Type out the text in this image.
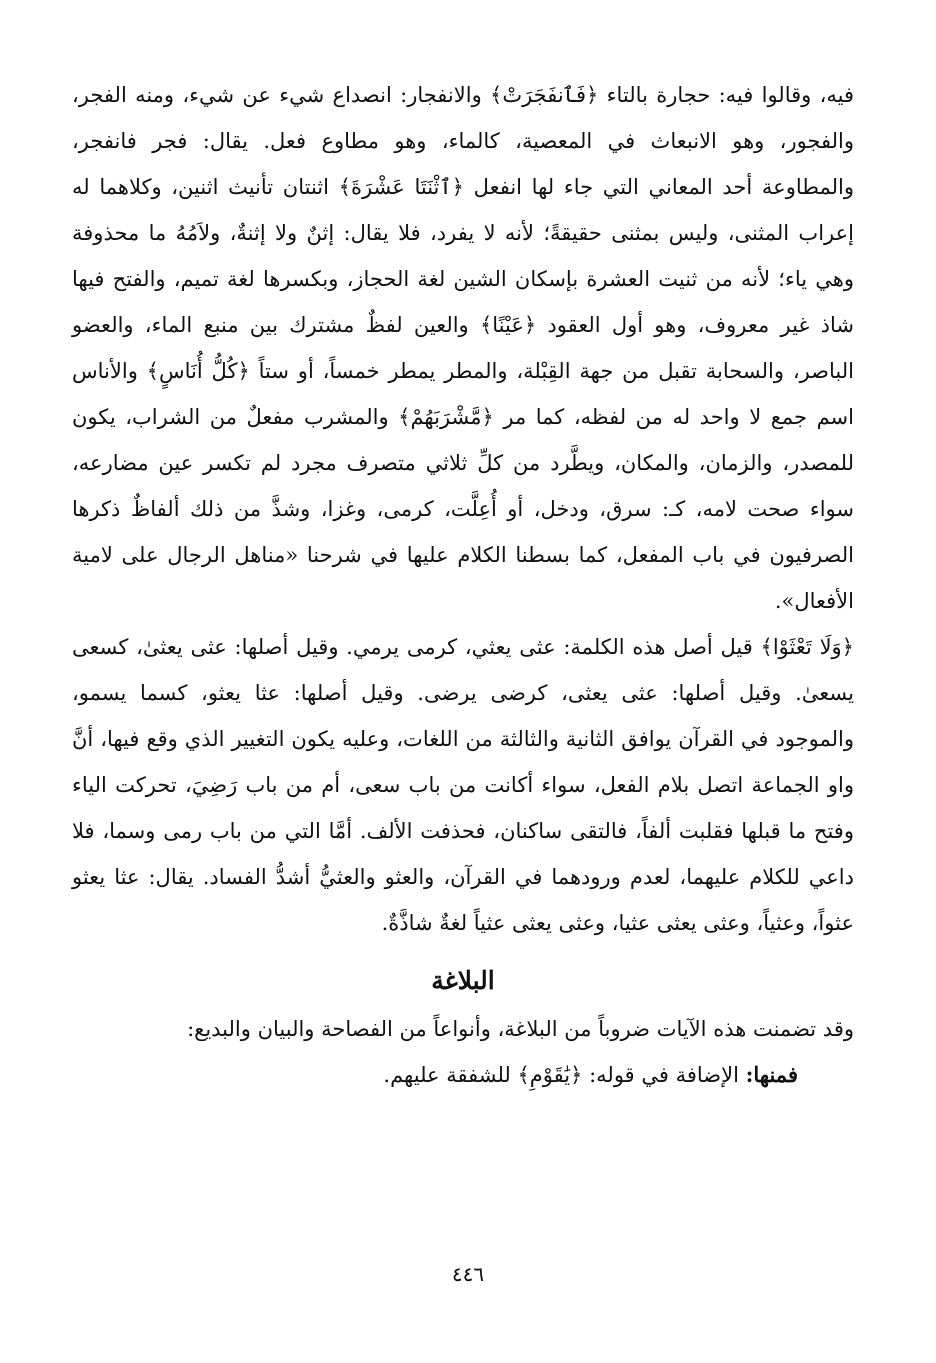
فيه، وقالوا فيه: حجارة بالتاء ﴿فَٱنفَجَرَتْ﴾ والانفجار: انصداع شيء عن شيء، ومنه الفجر، والفجور، وهو الانبعاث في المعصية، كالماء، وهو مطاوع فعل. يقال: فجر فانفجر، والمطاوعة أحد المعاني التي جاء لها انفعل ﴿ٱثْنَتَا عَشْرَةَ﴾ اثنتان تأنيث اثنين، وكلاهما له إعراب المثنى، وليس بمثنى حقيقةً؛ لأنه لا يفرد، فلا يقال: إثنٌ ولا إثنةٌ، ولاَمُهُ ما محذوفة وهي ياء؛ لأنه من ثنيت العشرة بإسكان الشين لغة الحجاز، وبكسرها لغة تميم، والفتح فيها شاذ غير معروف، وهو أول العقود ﴿عَيْنًا﴾ والعين لفظٌ مشترك بين منبع الماء، والعضو الباصر، والسحابة تقبل من جهة القِبْلة، والمطر يمطر خمساً، أو ستاً ﴿كُلُّ أُنَاسٍ﴾ والأناس اسم جمع لا واحد له من لفظه، كما مر ﴿مَّشْرَبَهُمْ﴾ والمشرب مفعلٌ من الشراب، يكون للمصدر، والزمان، والمكان، ويطَّرد من كلِّ ثلاثي متصرف مجرد لم تكسر عين مضارعه، سواء صحت لامه، كـ: سرق، ودخل، أو أُعِلَّت، كرمى، وغزا، وشذَّ من ذلك ألفاظٌ ذكرها الصرفيون في باب المفعل، كما بسطنا الكلام عليها في شرحنا «مناهل الرجال على لامية الأفعال».

﴿وَلَا تَعْثَوْا﴾ قيل أصل هذه الكلمة: عثى يعثي، كرمى يرمي. وقيل أصلها: عثى يعثىٰ، كسعى يسعىٰ. وقيل أصلها: عثى يعثى، كرضى يرضى. وقيل أصلها: عثا يعثو، كسما يسمو، والموجود في القرآن يوافق الثانية والثالثة من اللغات، وعليه يكون التغيير الذي وقع فيها، أنَّ واو الجماعة اتصل بلام الفعل، سواء أكانت من باب سعى، أم من باب رَضِيَ، تحركت الياء وفتح ما قبلها فقلبت ألفاً، فالتقى ساكنان، فحذفت الألف. أمَّا التي من باب رمى وسما، فلا داعي للكلام عليهما، لعدم ورودهما في القرآن، والعثو والعثيُّ أشدُّ الفساد. يقال: عثا يعثو عثواً، وعثياً، وعثى يعثى عثيا، وعثى يعثى عثياً لغةٌ شاذَّةٌ.

البلاغة

وقد تضمنت هذه الآيات ضروباً من البلاغة، وأنواعاً من الفصاحة والبيان والبديع:

فمنها: الإضافة في قوله: ﴿يَٰقَوْمِ﴾ للشفقة عليهم.

٤٤٦
